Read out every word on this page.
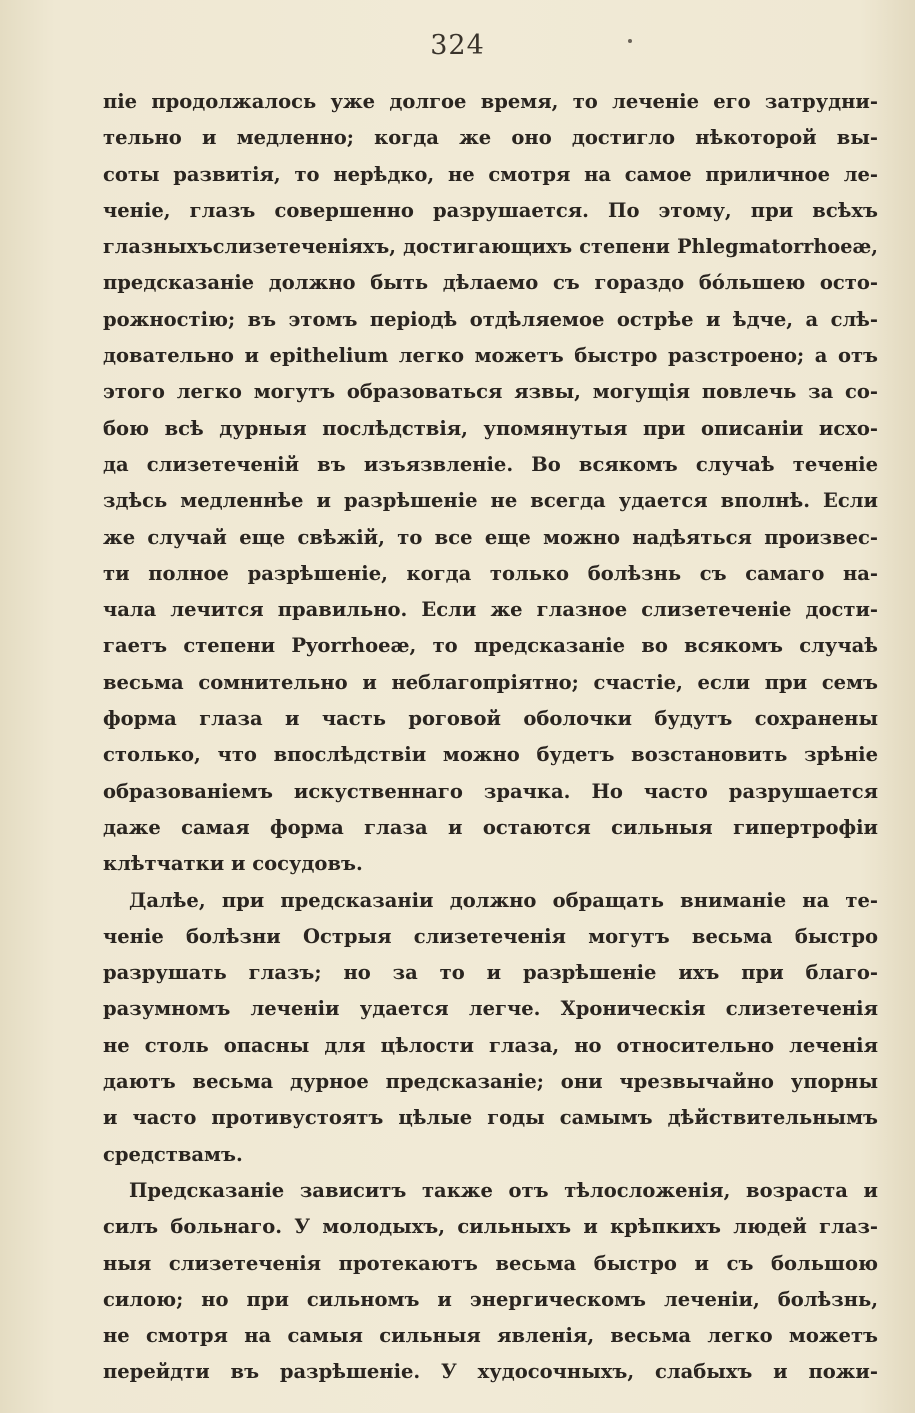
324
піе продолжалось уже долгое время, то леченіе его затрудни-
тельно и медленно; когда же оно достигло нѣкоторой вы-
соты развитія, то нерѣдко, не смотря на самое приличное ле-
ченіе, глазъ совершенно разрушается. По этому, при всѣхъ
глазныхъслизетеченіяхъ, достигающихъ степени Phlegmatorrhoeæ,
предсказаніе должно быть дѣлаемо съ гораздо бо́льшею осто-
рожностію; въ этомъ періодѣ отдѣляемое острѣе и ѣдче, а слѣ-
довательно и epithelium легко можетъ быстро разстроено; а отъ
этого легко могутъ образоваться язвы, могущія повлечь за со-
бою всѣ дурныя послѣдствія, упомянутыя при описаніи исхо-
да слизетеченій въ изъязвленіе. Во всякомъ случаѣ теченіе
здѣсь медленнѣе и разрѣшеніе не всегда удается вполнѣ. Если
же случай еще свѣжій, то все еще можно надѣяться произвес-
ти полное разрѣшеніе, когда только болѣзнь съ самаго на-
чала лечится правильно. Если же глазное слизетеченіе дости-
гаетъ степени Pyorrhoeæ, то предсказаніе во всякомъ случаѣ
весьма сомнительно и неблагопріятно; счастіе, если при семъ
форма глаза и часть роговой оболочки будутъ сохранены
столько, что впослѣдствіи можно будетъ возстановить зрѣніе
образованіемъ искуственнаго зрачка. Но часто разрушается
даже самая форма глаза и остаются сильныя гипертрофіи
клѣтчатки и сосудовъ.
Далѣе, при предсказаніи должно обращать вниманіе на те-
ченіе болѣзни Острыя слизетеченія могутъ весьма быстро
разрушать глазъ; но за то и разрѣшеніе ихъ при благо-
разумномъ леченіи удается легче. Хроническія слизетеченія
не столь опасны для цѣлости глаза, но относительно леченія
даютъ весьма дурное предсказаніе; они чрезвычайно упорны
и часто противустоятъ цѣлые годы самымъ дѣйствительнымъ
средствамъ.
Предсказаніе зависитъ также отъ тѣлосложенія, возраста и
силъ больнаго. У молодыхъ, сильныхъ и крѣпкихъ людей глаз-
ныя слизетеченія протекаютъ весьма быстро и съ большою
силою; но при сильномъ и энергическомъ леченіи, болѣзнь,
не смотря на самыя сильныя явленія, весьма легко можетъ
перейдти въ разрѣшеніе. У худосочныхъ, слабыхъ и пожи-
